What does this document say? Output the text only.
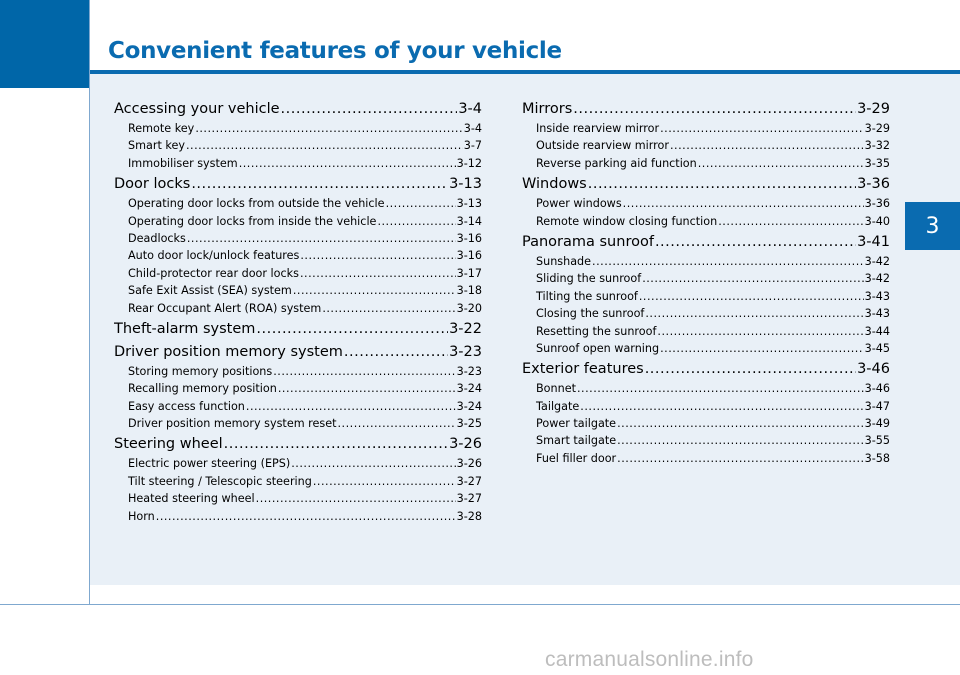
Convenient features of your vehicle
3
Accessing your vehicle .....	3-4
Remote key .....	3-4
Smart key .....	3-7
Immobiliser system .....	3-12
Door locks .....	3-13
Operating door locks from outside the vehicle .....	3-13
Operating door locks from inside the vehicle .....	3-14
Deadlocks .....	3-16
Auto door lock/unlock features .....	3-16
Child-protector rear door locks .....	3-17
Safe Exit Assist (SEA) system .....	3-18
Rear Occupant Alert (ROA) system .....	3-20
Theft-alarm system .....	3-22
Driver position memory system .....	3-23
Storing memory positions .....	3-23
Recalling memory position .....	3-24
Easy access function .....	3-24
Driver position memory system reset .....	3-25
Steering wheel .....	3-26
Electric power steering (EPS) .....	3-26
Tilt steering / Telescopic steering .....	3-27
Heated steering wheel .....	3-27
Horn .....	3-28
Mirrors .....	3-29
Inside rearview mirror .....	3-29
Outside rearview mirror .....	3-32
Reverse parking aid function .....	3-35
Windows .....	3-36
Power windows .....	3-36
Remote window closing function .....	3-40
Panorama sunroof .....	3-41
Sunshade .....	3-42
Sliding the sunroof .....	3-42
Tilting the sunroof .....	3-43
Closing the sunroof .....	3-43
Resetting the sunroof .....	3-44
Sunroof open warning .....	3-45
Exterior features .....	3-46
Bonnet .....	3-46
Tailgate .....	3-47
Power tailgate .....	3-49
Smart tailgate .....	3-55
Fuel filler door .....	3-58
carmanualsonline.info
